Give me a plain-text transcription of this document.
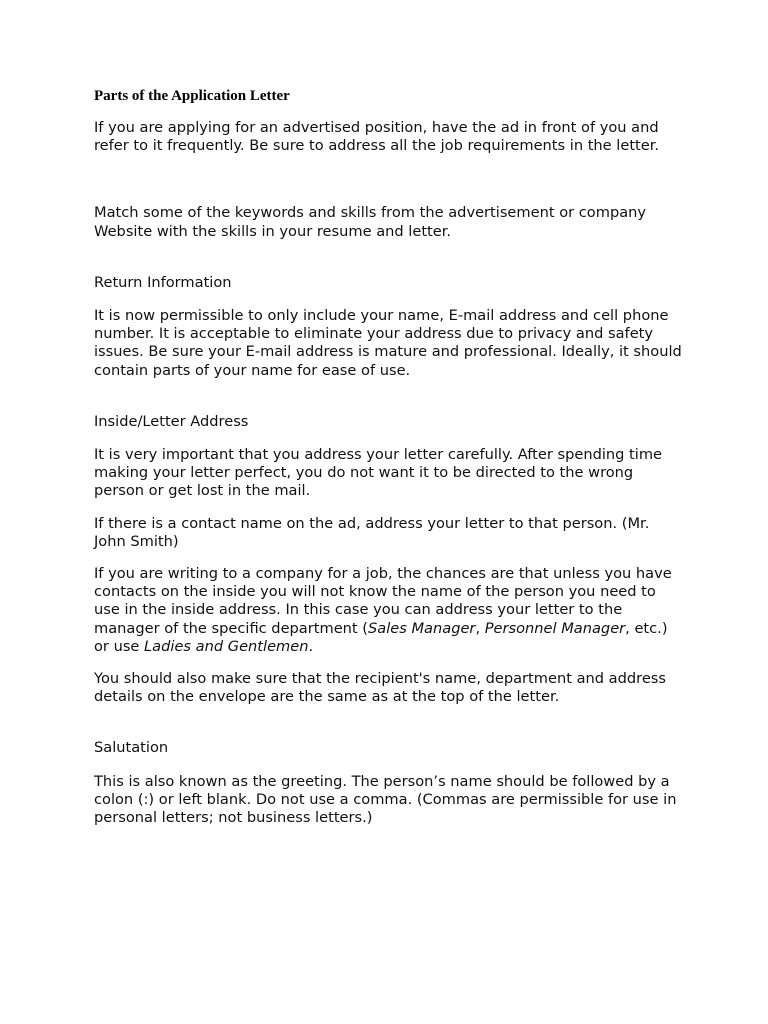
Parts of the Application Letter

If you are applying for an advertised position, have the ad in front of you and refer to it frequently. Be sure to address all the job requirements in the letter.

Match some of the keywords and skills from the advertisement or company Website with the skills in your resume and letter.

Return Information

It is now permissible to only include your name, E-mail address and cell phone number. It is acceptable to eliminate your address due to privacy and safety issues. Be sure your E-mail address is mature and professional. Ideally, it should contain parts of your name for ease of use.

Inside/Letter Address

It is very important that you address your letter carefully. After spending time making your letter perfect, you do not want it to be directed to the wrong person or get lost in the mail.

If there is a contact name on the ad, address your letter to that person. (Mr. John Smith)

If you are writing to a company for a job, the chances are that unless you have contacts on the inside you will not know the name of the person you need to use in the inside address. In this case you can address your letter to the manager of the specific department (Sales Manager, Personnel Manager, etc.) or use Ladies and Gentlemen.

You should also make sure that the recipient's name, department and address details on the envelope are the same as at the top of the letter.

Salutation

This is also known as the greeting. The person’s name should be followed by a colon (:) or left blank. Do not use a comma. (Commas are permissible for use in personal letters; not business letters.)
